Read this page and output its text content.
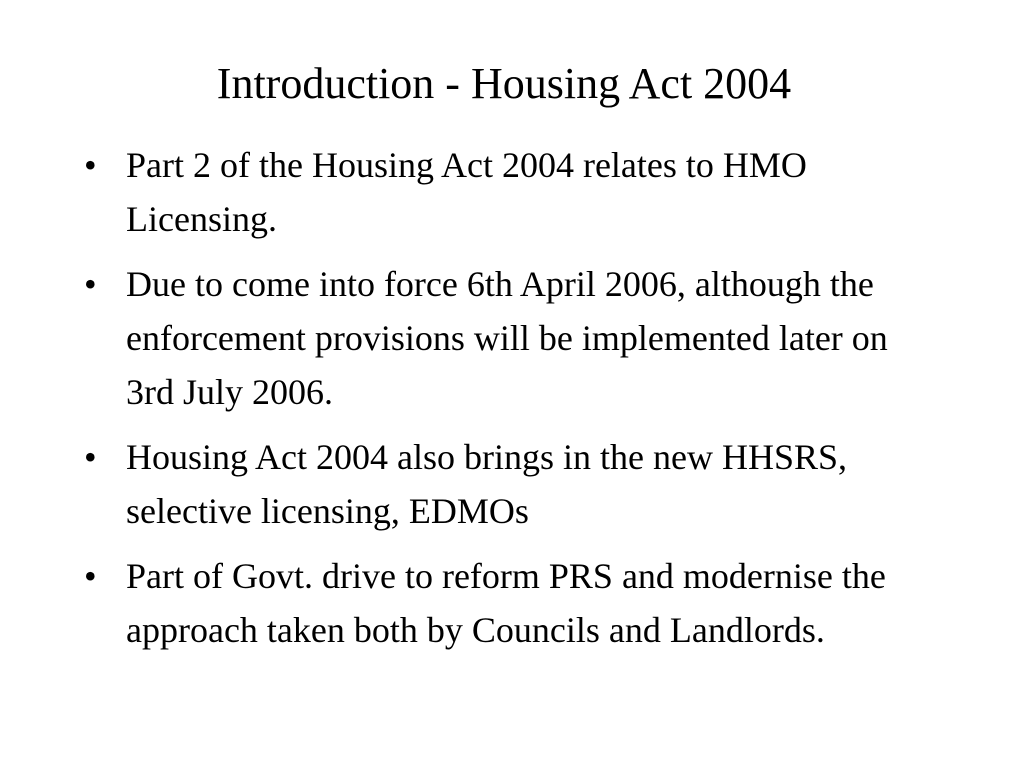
Introduction - Housing Act 2004
• Part 2 of the Housing Act 2004 relates to HMO Licensing.
• Due to come into force 6th April 2006, although the enforcement provisions will be implemented later on 3rd July 2006.
• Housing Act 2004 also brings in the new HHSRS, selective licensing, EDMOs
• Part of Govt. drive to reform PRS and modernise the approach taken both by Councils and Landlords.
